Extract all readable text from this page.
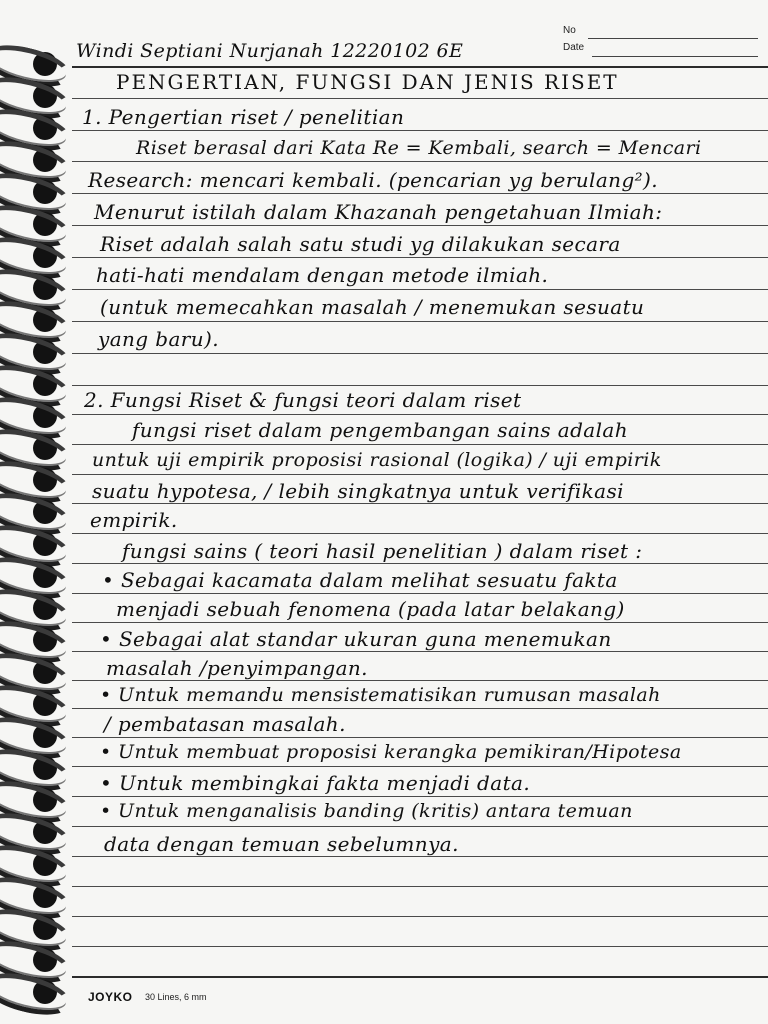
No
Date
Windi Septiani Nurjanah 12220102 6E
PENGERTIAN, FUNGSI DAN JENIS RISET
1. Pengertian riset / penelitian
Riset berasal dari Kata Re = Kembali, search = Mencari
Research: mencari kembali. (pencarian yg berulang²).
Menurut istilah dalam Khazanah pengetahuan Ilmiah:
Riset adalah salah satu studi yg dilakukan secara
hati-hati mendalam dengan metode ilmiah.
(untuk memecahkan masalah / menemukan sesuatu
yang baru).
2. Fungsi Riset & fungsi teori dalam riset
fungsi riset dalam pengembangan sains adalah
untuk uji empirik proposisi rasional (logika) / uji empirik
suatu hypotesa, / lebih singkatnya untuk verifikasi
empirik.
fungsi sains ( teori hasil penelitian ) dalam riset :
• Sebagai kacamata dalam melihat sesuatu fakta
menjadi sebuah fenomena (pada latar belakang)
• Sebagai alat standar ukuran guna menemukan
masalah /penyimpangan.
• Untuk memandu mensistematisikan rumusan masalah
/ pembatasan masalah.
• Untuk membuat proposisi kerangka pemikiran/Hipotesa
• Untuk membingkai fakta menjadi data.
• Untuk menganalisis banding (kritis) antara temuan
data dengan temuan sebelumnya.
JOYKO 30 Lines, 6 mm
